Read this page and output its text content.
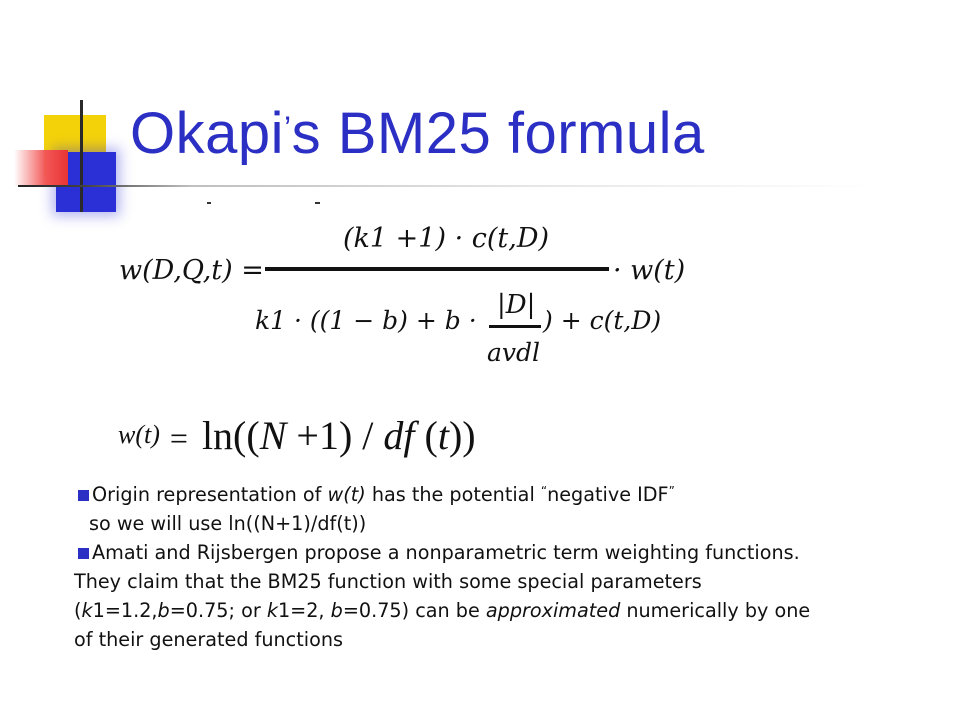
Okapi’s BM25 formula
w(D,Q,t) =
(k1 +1) · c(t,D)
· w(t)
k1 · ((1 − b) + b ·
|D|
avdl
) + c(t,D)
w(t) = ln((N +1) / df (t))
Origin representation of w(t) has the potential “negative IDF”
so we will use ln((N+1)/df(t))
Amati and Rijsbergen propose a nonparametric term weighting functions.
They claim that the BM25 function with some special parameters
(k1=1.2,b=0.75; or k1=2, b=0.75) can be approximated numerically by one
of their generated functions
